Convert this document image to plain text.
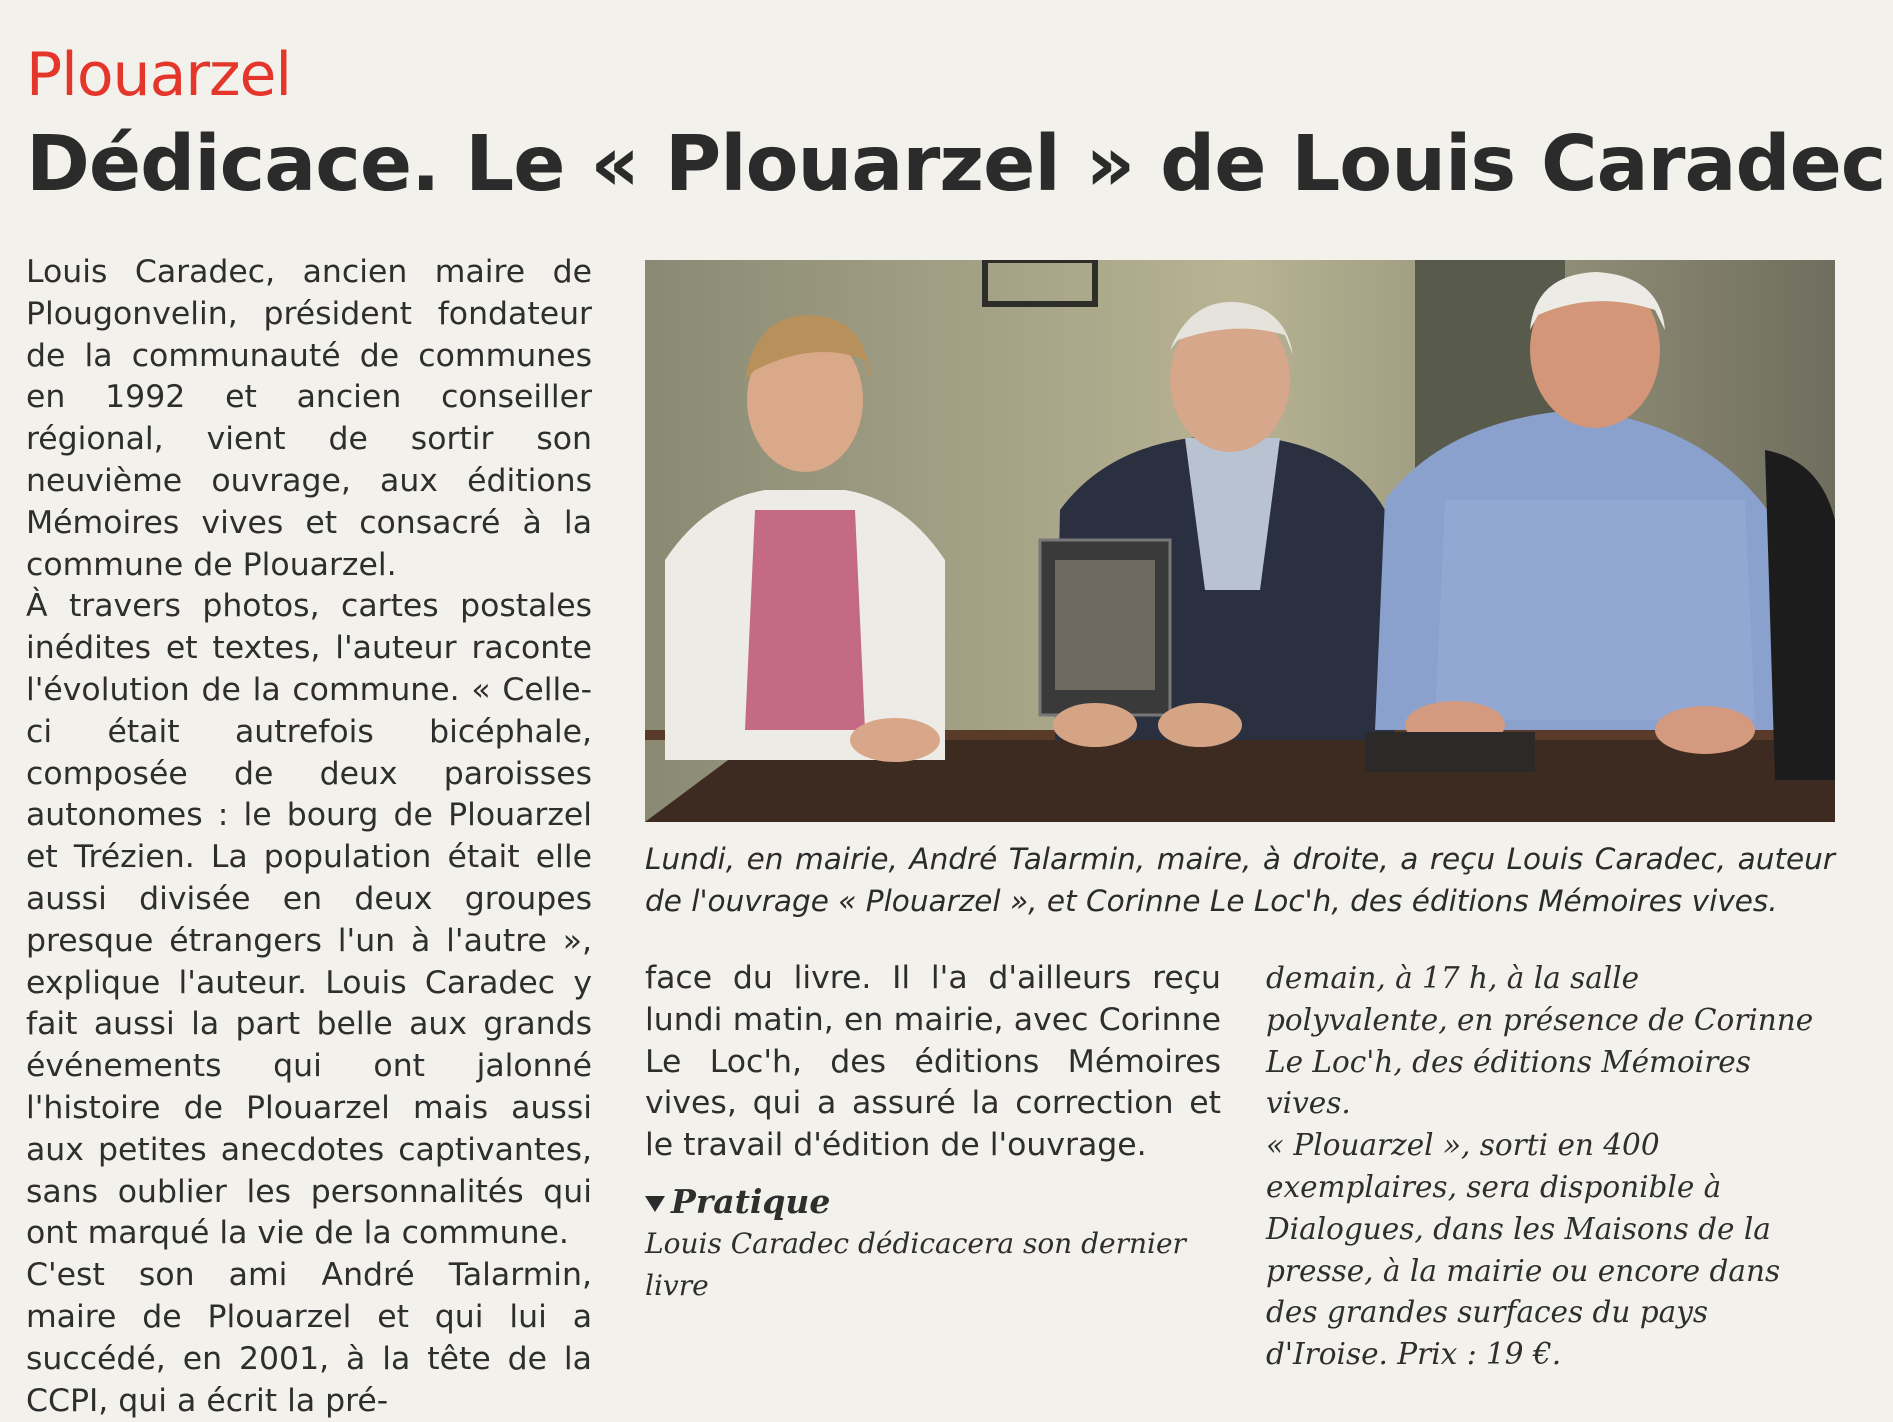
Plouarzel
Dédicace. Le « Plouarzel » de Louis Caradec

Louis Caradec, ancien maire de Plougonvelin, président fondateur de la communauté de communes en 1992 et ancien conseiller régional, vient de sortir son neuvième ouvrage, aux éditions Mémoires vives et consacré à la commune de Plouarzel.

À travers photos, cartes postales inédites et textes, l'auteur raconte l'évolution de la commune. « Celle-ci était autrefois bicéphale, composée de deux paroisses autonomes : le bourg de Plouarzel et Trézien. La population était elle aussi divisée en deux groupes presque étrangers l'un à l'autre », explique l'auteur. Louis Caradec y fait aussi la part belle aux grands événements qui ont jalonné l'histoire de Plouarzel mais aussi aux petites anecdotes captivantes, sans oublier les personnalités qui ont marqué la vie de la commune.

C'est son ami André Talarmin, maire de Plouarzel et qui lui a succédé, en 2001, à la tête de la CCPI, qui a écrit la pré-

Lundi, en mairie, André Talarmin, maire, à droite, a reçu Louis Caradec, auteur de l'ouvrage « Plouarzel », et Corinne Le Loc'h, des éditions Mémoires vives.

face du livre. Il l'a d'ailleurs reçu lundi matin, en mairie, avec Corinne Le Loc'h, des éditions Mémoires vives, qui a assuré la correction et le travail d'édition de l'ouvrage.

Pratique
Louis Caradec dédicacera son dernier livre

demain, à 17 h, à la salle polyvalente, en présence de Corinne Le Loc'h, des éditions Mémoires vives.

« Plouarzel », sorti en 400 exemplaires, sera disponible à Dialogues, dans les Maisons de la presse, à la mairie ou encore dans des grandes surfaces du pays d'Iroise. Prix : 19 €.
